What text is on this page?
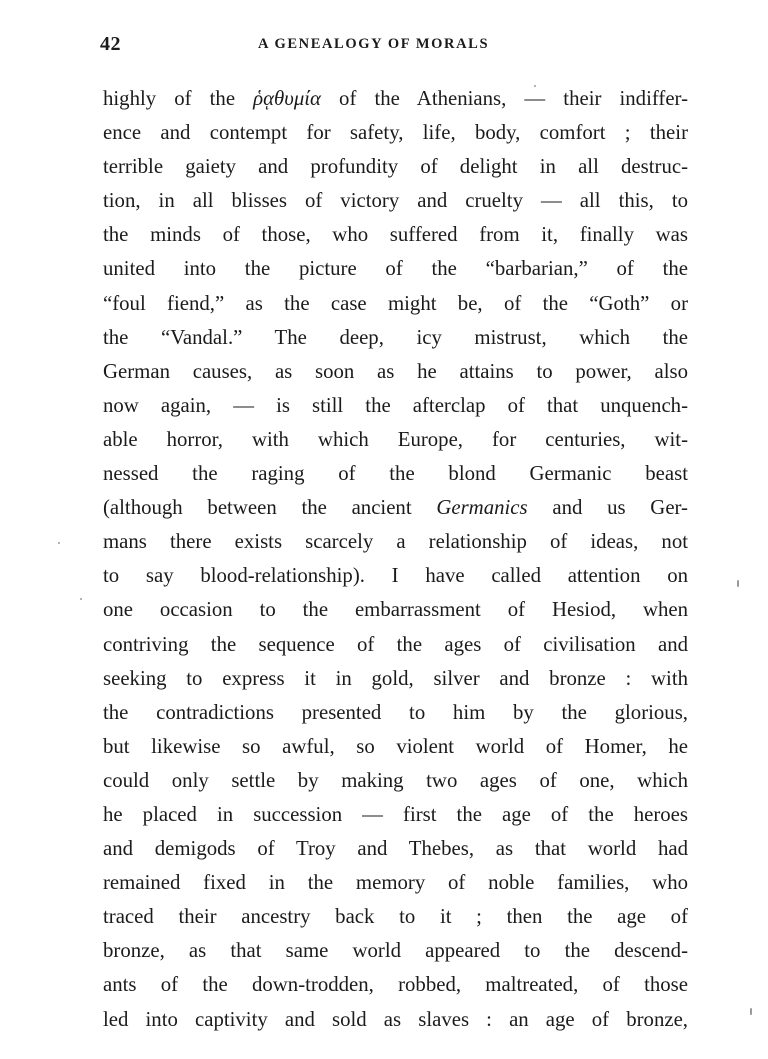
42	A GENEALOGY OF MORALS
highly of the ῥᾳθυμία of the Athenians, — their indiffer-
ence and contempt for safety, life, body, comfort ; their
terrible gaiety and profundity of delight in all destruc-
tion, in all blisses of victory and cruelty — all this, to
the minds of those, who suffered from it, finally was
united into the picture of the “barbarian,” of the
“foul fiend,” as the case might be, of the “Goth” or
the “Vandal.” The deep, icy mistrust, which the
German causes, as soon as he attains to power, also
now again, — is still the afterclap of that unquench-
able horror, with which Europe, for centuries, wit-
nessed the raging of the blond Germanic beast
(although between the ancient Germanics and us Ger-
mans there exists scarcely a relationship of ideas, not
to say blood-relationship). I have called attention on
one occasion to the embarrassment of Hesiod, when
contriving the sequence of the ages of civilisation and
seeking to express it in gold, silver and bronze : with
the contradictions presented to him by the glorious,
but likewise so awful, so violent world of Homer, he
could only settle by making two ages of one, which
he placed in succession — first the age of the heroes
and demigods of Troy and Thebes, as that world had
remained fixed in the memory of noble families, who
traced their ancestry back to it ; then the age of
bronze, as that same world appeared to the descend-
ants of the down-trodden, robbed, maltreated, of those
led into captivity and sold as slaves : an age of bronze,
